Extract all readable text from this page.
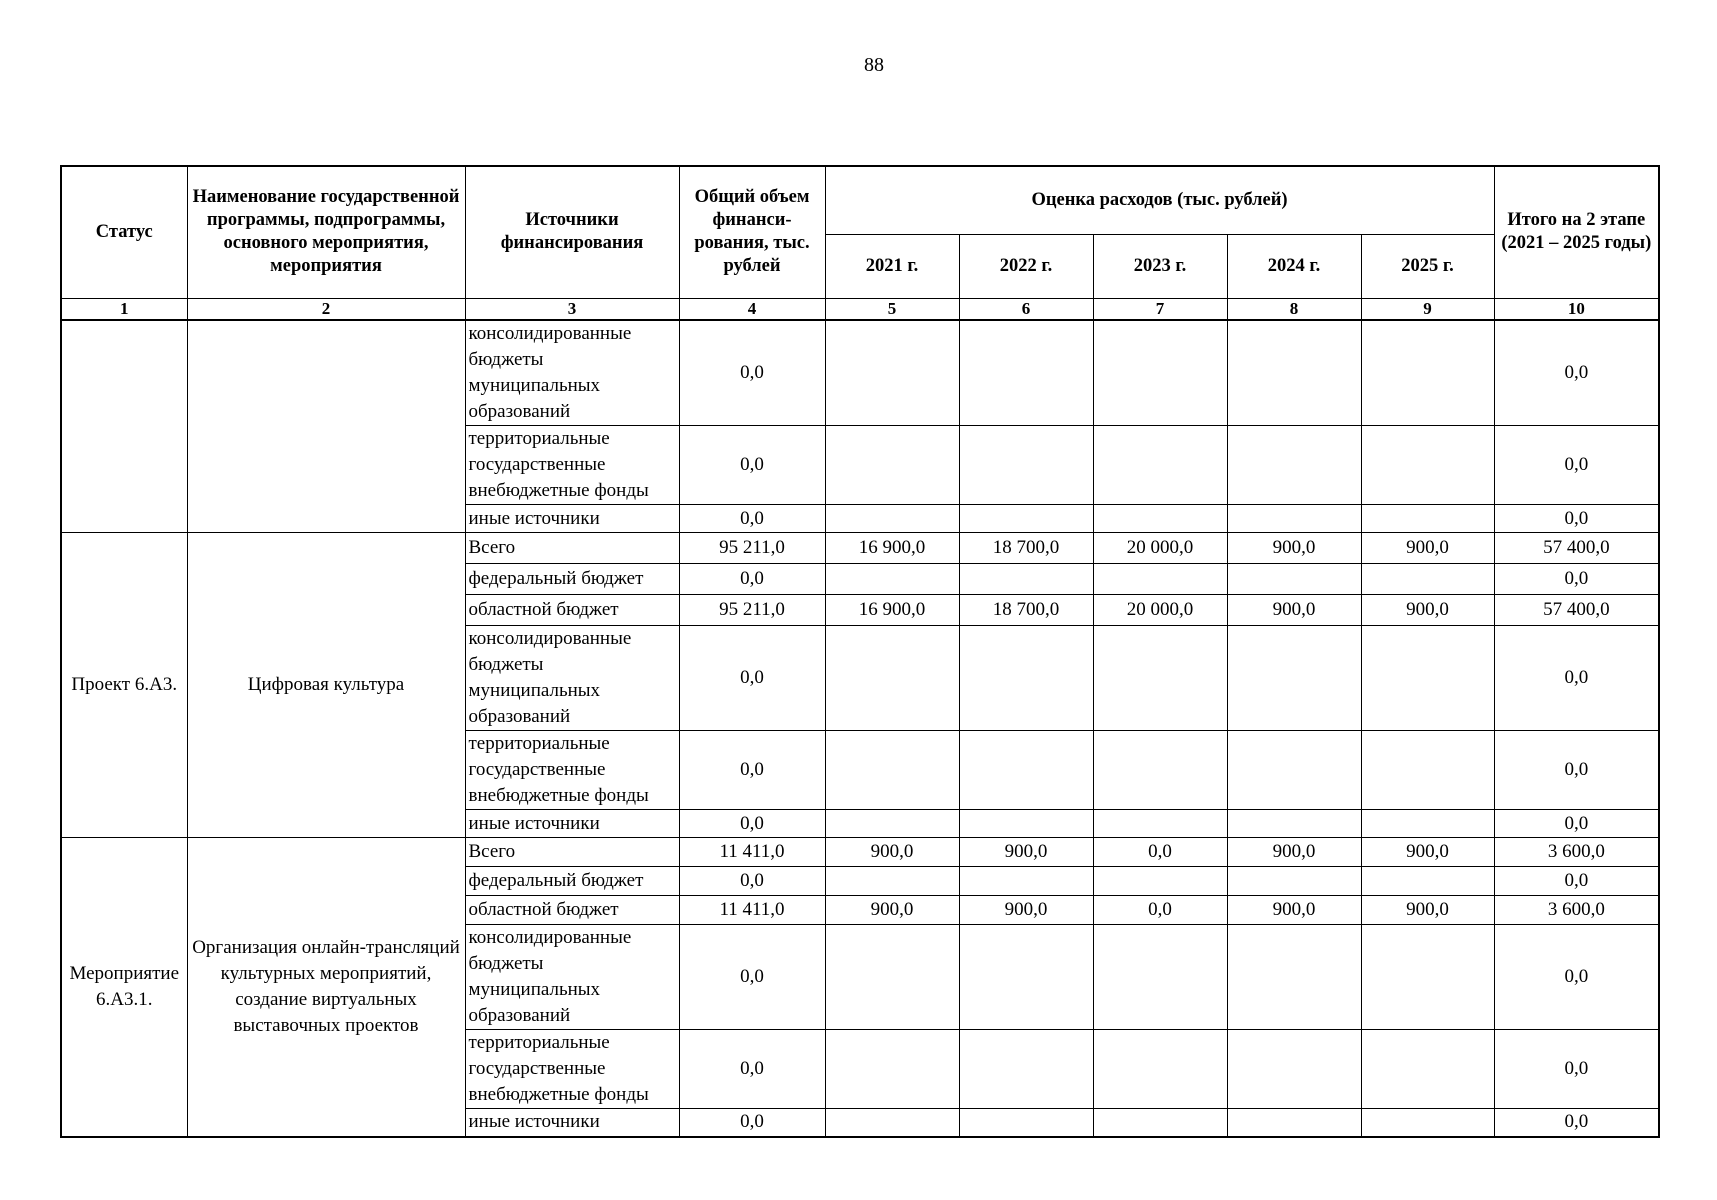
88
Статус	Наименование государственной программы, подпрограммы, основного мероприятия, мероприятия	Источники финансирования	Общий объем финанси-рования, тыс. рублей	Оценка расходов (тыс. рублей)					Итого на 2 этапе
(2021 – 2025 годы)

				2021 г.	2022 г.	2023 г.	2024 г.	2025 г.	
1	2	3	4	5	6	7	8	9	10
		консолидированные бюджеты муниципальных образований	0,0						0,0
		территориальные государственные внебюджетные фонды	0,0						0,0
		иные источники	0,0						0,0
Проект 6.А3.	Цифровая культура	Всего	95 211,0	16 900,0	18 700,0	20 000,0	900,0	900,0	57 400,0
		федеральный бюджет	0,0						0,0
		областной бюджет	95 211,0	16 900,0	18 700,0	20 000,0	900,0	900,0	57 400,0
		консолидированные бюджеты муниципальных образований	0,0						0,0
		территориальные государственные внебюджетные фонды	0,0						0,0
		иные источники	0,0						0,0
Мероприятие 6.А3.1.	Организация онлайн-трансляций культурных мероприятий, создание виртуальных выставочных проектов	Всего	11 411,0	900,0	900,0	0,0	900,0	900,0	3 600,0
		федеральный бюджет	0,0						0,0
		областной бюджет	11 411,0	900,0	900,0	0,0	900,0	900,0	3 600,0
		консолидированные бюджеты муниципальных образований	0,0						0,0
		территориальные государственные внебюджетные фонды	0,0						0,0
		иные источники	0,0						0,0
